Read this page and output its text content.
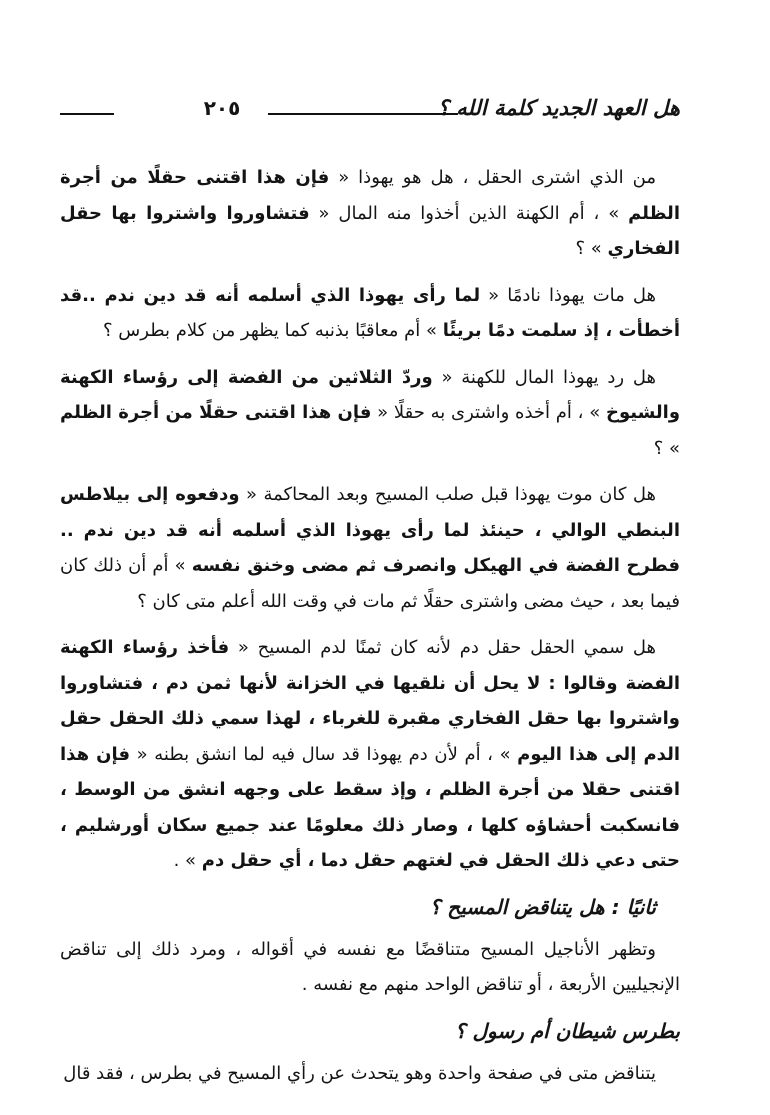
هل العهد الجديد كلمة الله ؟
٢٠٥

من الذي اشترى الحقل ، هل هو يهوذا « فإن هذا اقتنى حقلًا من أجرة الظلم » ، أم الكهنة الذين أخذوا منه المال « فتشاوروا واشتروا بها حقل الفخاري » ؟

هل مات يهوذا نادمًا « لما رأى يهوذا الذي أسلمه أنه قد دين ندم ..قد أخطأت ، إذ سلمت دمًا بريئًا » أم معاقبًا بذنبه كما يظهر من كلام بطرس ؟

هل رد يهوذا المال للكهنة « وردّ الثلاثين من الفضة إلى رؤساء الكهنة والشيوخ » ، أم أخذه واشترى به حقلًا « فإن هذا اقتنى حقلًا من أجرة الظلم » ؟

هل كان موت يهوذا قبل صلب المسيح وبعد المحاكمة « ودفعوه إلى بيلاطس البنطي الوالي ، حينئذ لما رأى يهوذا الذي أسلمه أنه قد دين ندم .. فطرح الفضة في الهيكل وانصرف ثم مضى وخنق نفسه » أم أن ذلك كان فيما بعد ، حيث مضى واشترى حقلًا ثم مات في وقت الله أعلم متى كان ؟

هل سمي الحقل حقل دم لأنه كان ثمنًا لدم المسيح « فأخذ رؤساء الكهنة الفضة وقالوا : لا يحل أن نلقيها في الخزانة لأنها ثمن دم ، فتشاوروا واشتروا بها حقل الفخاري مقبرة للغرباء ، لهذا سمي ذلك الحقل حقل الدم إلى هذا اليوم » ، أم لأن دم يهوذا قد سال فيه لما انشق بطنه « فإن هذا اقتنى حقلا من أجرة الظلم ، وإذ سقط على وجهه انشق من الوسط ، فانسكبت أحشاؤه كلها ، وصار ذلك معلومًا عند جميع سكان أورشليم ، حتى دعي ذلك الحقل في لغتهم حقل دما ، أي حقل دم » .

ثانيًا : هل يتناقض المسيح ؟

وتظهر الأناجيل المسيح متناقضًا مع نفسه في أقواله ، ومرد ذلك إلى تناقض الإنجيليين الأربعة ، أو تناقض الواحد منهم مع نفسه .

بطرس شيطان أم رسول ؟

يتناقض متى في صفحة واحدة وهو يتحدث عن رأي المسيح في بطرس ، فقد قال
